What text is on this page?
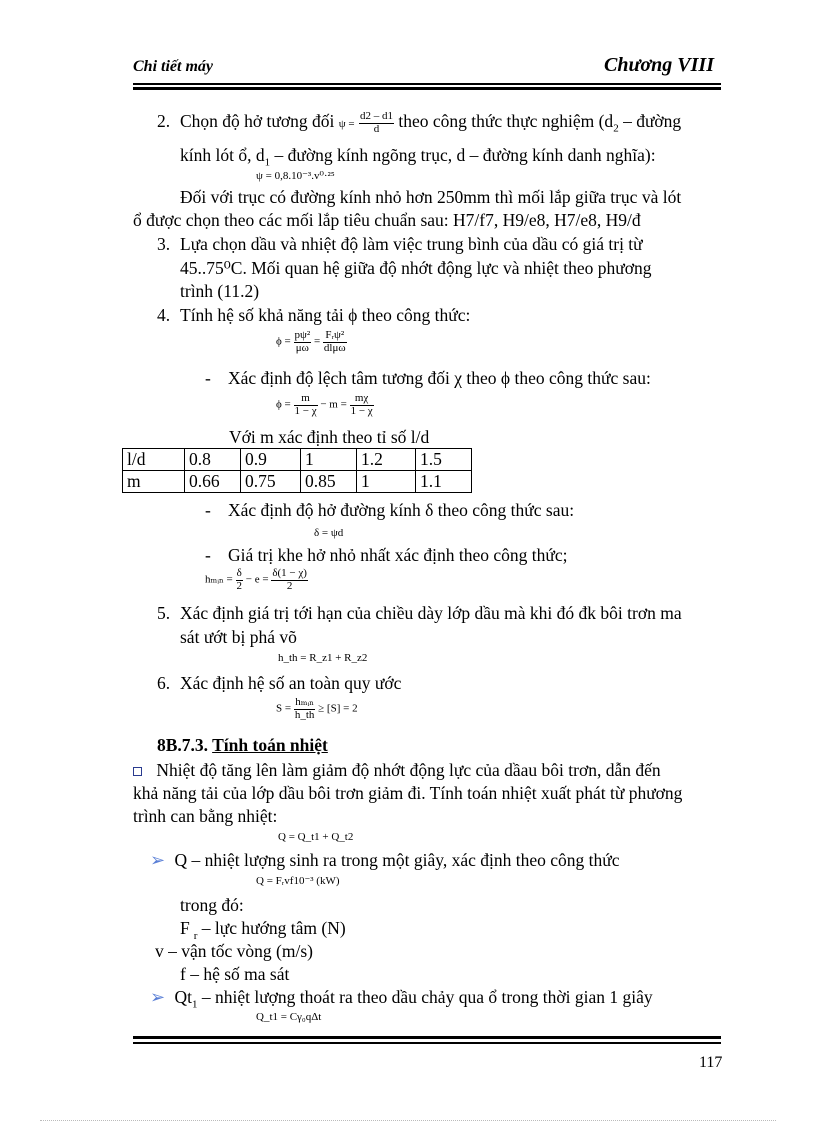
Chi tiết máy	Chương VIII
2. Chọn độ hở tương đối $\psi = \frac{d2 - d1}{d}$ theo công thức thực nghiệm ($d_2$ – đường
kính lót ổ, $d_1$ – đường kính ngõng trục, d – đường kính danh nghĩa):
ψ = 0,8.10⁻³.v⁰·²⁵
Đối với trục có đường kính nhỏ hơn 250mm thì mối lắp giữa trục và lót
ổ được chọn theo các mối lắp tiêu chuẩn sau: H7/f7, H9/e8, H7/e8, H9/đ
3. Lựa chọn dầu và nhiệt độ làm việc trung bình của dầu có giá trị từ
45..75⁰C. Mối quan hệ giữa độ nhớt động lực và nhiệt theo phương
trình (11.2)
4. Tính hệ số khả năng tải ϕ theo công thức:
$\phi = \frac{\text{pψ²}}{\mu\omega} = \frac{\text{Fᵣψ²}}{\text{dlμω}}$
- Xác định độ lệch tâm tương đối χ theo ϕ theo công thức sau:
$\phi = \frac{m}{1 - \chi} - m = \frac{m\chi}{1 - \chi}$
Với m xác định theo tỉ số l/d
l/d	0.8	0.9	1	1.2	1.5
m	0.66	0.75	0.85	1	1.1
- Xác định độ hở đường kính δ theo công thức sau:
δ = ψd
- Giá trị khe hở nhỏ nhất xác định theo công thức;
hₘᵢₙ = $\frac{\delta}{2} - e = \frac{\delta(1 - \chi)}{2}$
5. Xác định giá trị tới hạn của chiều dày lớp dầu mà khi đó đk bôi trơn ma
sát ướt bị phá võ
h_th = R_z1 + R_z2
6. Xác định hệ số an toàn quy ước
$S = \frac{\text{hₘᵢₙ}}{h\_th} \ge [S] = 2$
8B.7.3. Tính toán nhiệt
Nhiệt độ tăng lên làm giảm độ nhớt động lực của dầau bôi trơn, dẫn đến
khả năng tải của lớp dầu bôi trơn giảm đi. Tính toán nhiệt xuất phát từ phương
trình can bằng nhiệt:
Q = Q_t1 + Q_t2
➢ Q – nhiệt lượng sinh ra trong một giây, xác định theo công thức
Q = Fᵣvf10⁻³ (kW)
trong đó:
F $_r$ – lực hướng tâm (N)
v – vận tốc vòng (m/s)
f – hệ số ma sát
➢ $Qt_1$ – nhiệt lượng thoát ra theo dầu chảy qua ổ trong thời gian 1 giây
Q_t1 = Cγ₀qΔt
117
